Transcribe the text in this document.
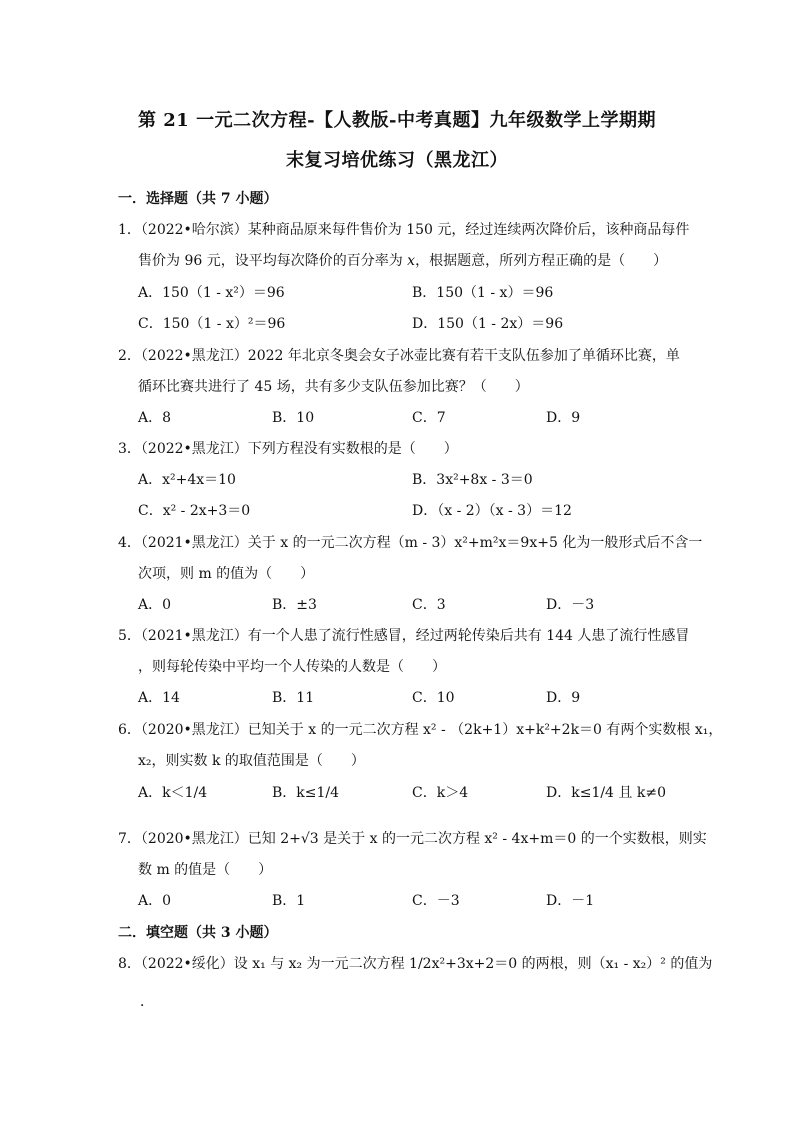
第 21 一元二次方程-【人教版-中考真题】九年级数学上学期期
末复习培优练习（黑龙江）
一．选择题（共 7 小题）
1．（2022•哈尔滨）某种商品原来每件售价为 150 元，经过连续两次降价后，该种商品每件
售价为 96 元，设平均每次降价的百分率为 x，根据题意，所列方程正确的是（　　）
A．150（1 - x²）＝96	B．150（1 - x）＝96
C．150（1 - x）²＝96	D．150（1 - 2x）＝96
2．（2022•黑龙江）2022 年北京冬奥会女子冰壶比赛有若干支队伍参加了单循环比赛，单
循环比赛共进行了 45 场，共有多少支队伍参加比赛？（　　）
A．8	B．10	C．7	D．9
3．（2022•黑龙江）下列方程没有实数根的是（　　）
A．x²+4x＝10	B．3x²+8x - 3＝0
C．x² - 2x+3＝0	D．（x - 2）（x - 3）＝12
4．（2021•黑龙江）关于 x 的一元二次方程（m - 3）x²+m²x＝9x+5 化为一般形式后不含一
次项，则 m 的值为（　　）
A．0	B．±3	C．3	D．－3
5．（2021•黑龙江）有一个人患了流行性感冒，经过两轮传染后共有 144 人患了流行性感冒
，则每轮传染中平均一个人传染的人数是（　　）
A．14	B．11	C．10	D．9
6．（2020•黑龙江）已知关于 x 的一元二次方程 x² - （2k+1）x+k²+2k＝0 有两个实数根 x₁，
x₂，则实数 k 的取值范围是（　　）
A．k＜1/4	B．k≤1/4	C．k＞4	D．k≤1/4 且 k≠0
7．（2020•黑龙江）已知 2+√3 是关于 x 的一元二次方程 x² - 4x+m＝0 的一个实数根，则实
数 m 的值是（　　）
A．0	B．1	C．－3	D．－1
二．填空题（共 3 小题）
8．（2022•绥化）设 x₁ 与 x₂ 为一元二次方程 1/2x²+3x+2＝0 的两根，则（x₁ - x₂）² 的值为
．
